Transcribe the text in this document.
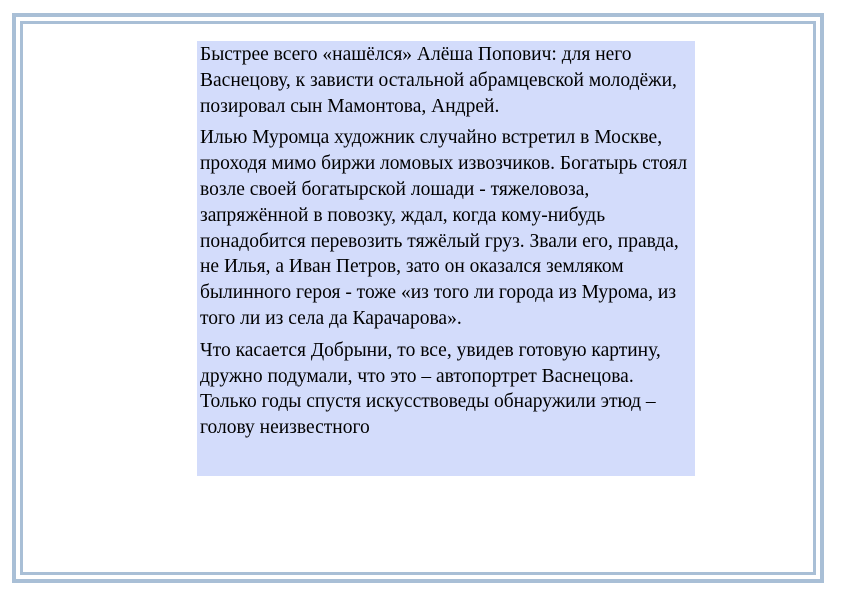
Быстрее всего «нашёлся» Алёша Попович: для него Васнецову, к зависти остальной абрамцевской молодёжи, позировал сын Мамонтова, Андрей.

Илью Муромца художник случайно встретил в Москве, проходя мимо биржи ломовых извозчиков. Богатырь стоял возле своей богатырской лошади - тяжеловоза, запряжённой в повозку, ждал, когда кому-нибудь понадобится перевозить тяжёлый груз. Звали его, правда, не Илья, а Иван Петров, зато он оказался земляком былинного героя - тоже «из того ли города из Мурома, из того ли из села да Карачарова».

Что касается Добрыни, то все, увидев готовую картину, дружно подумали, что это – автопортрет Васнецова. Только годы спустя искусствоведы обнаружили этюд – голову неизвестного
